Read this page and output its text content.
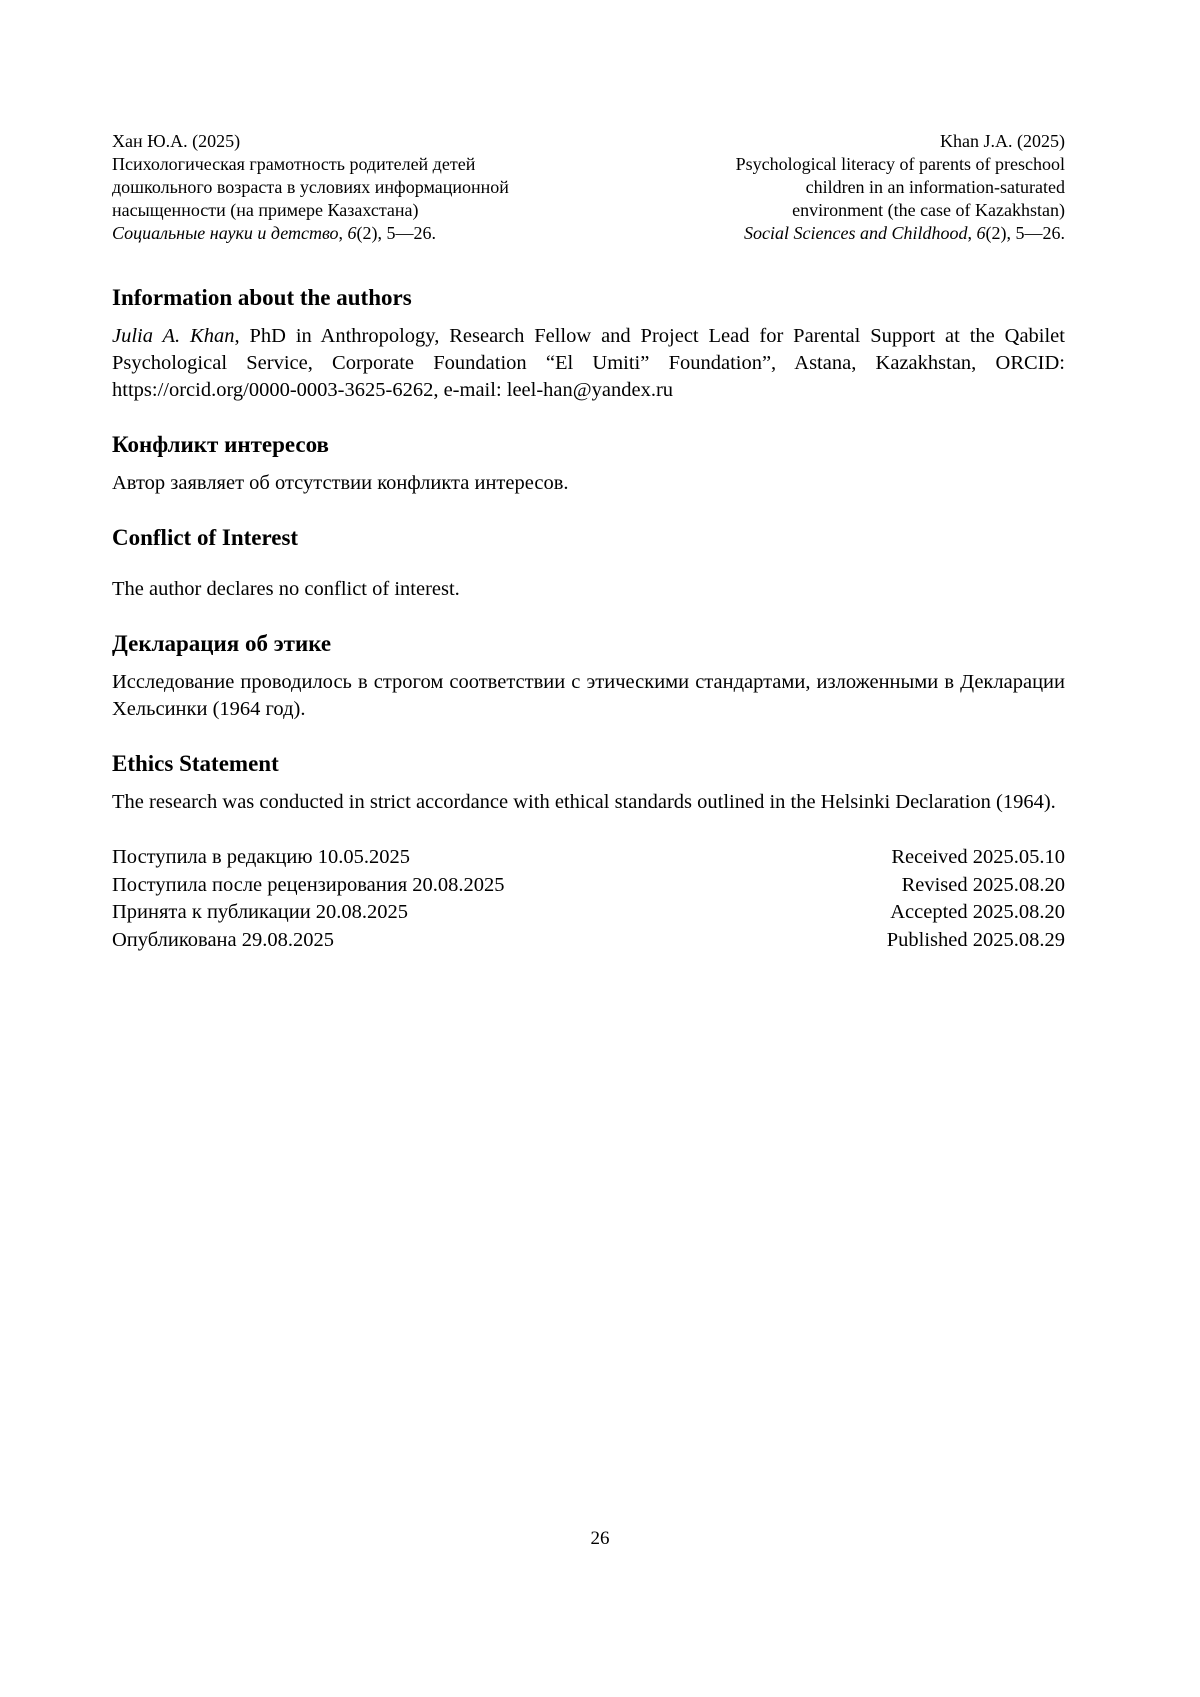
Хан Ю.А. (2025)
Психологическая грамотность родителей детей
дошкольного возраста в условиях информационной
насыщенности (на примере Казахстана)
Социальные науки и детство, 6(2), 5—26.
Khan J.A. (2025)
Psychological literacy of parents of preschool
children in an information-saturated
environment (the case of Kazakhstan)
Social Sciences and Childhood, 6(2), 5—26.
Information about the authors

Julia A. Khan, PhD in Anthropology, Research Fellow and Project Lead for Parental Support at the Qabilet Psychological Service, Corporate Foundation “El Umiti” Foundation”, Astana, Kazakhstan, ORCID: https://orcid.org/0000-0003-3625-6262, e-mail: leel-han@yandex.ru

Конфликт интересов

Автор заявляет об отсутствии конфликта интересов.

Conflict of Interest

The author declares no conflict of interest.

Декларация об этике

Исследование проводилось в строгом соответствии с этическими стандартами, изложенными в Декларации Хельсинки (1964 год).

Ethics Statement

The research was conducted in strict accordance with ethical standards outlined in the Helsinki Declaration (1964).

Поступила в редакцию 10.05.2025	Received 2025.05.10
Поступила после рецензирования 20.08.2025	Revised 2025.08.20
Принята к публикации 20.08.2025	Accepted 2025.08.20
Опубликована 29.08.2025	Published 2025.08.29
26
